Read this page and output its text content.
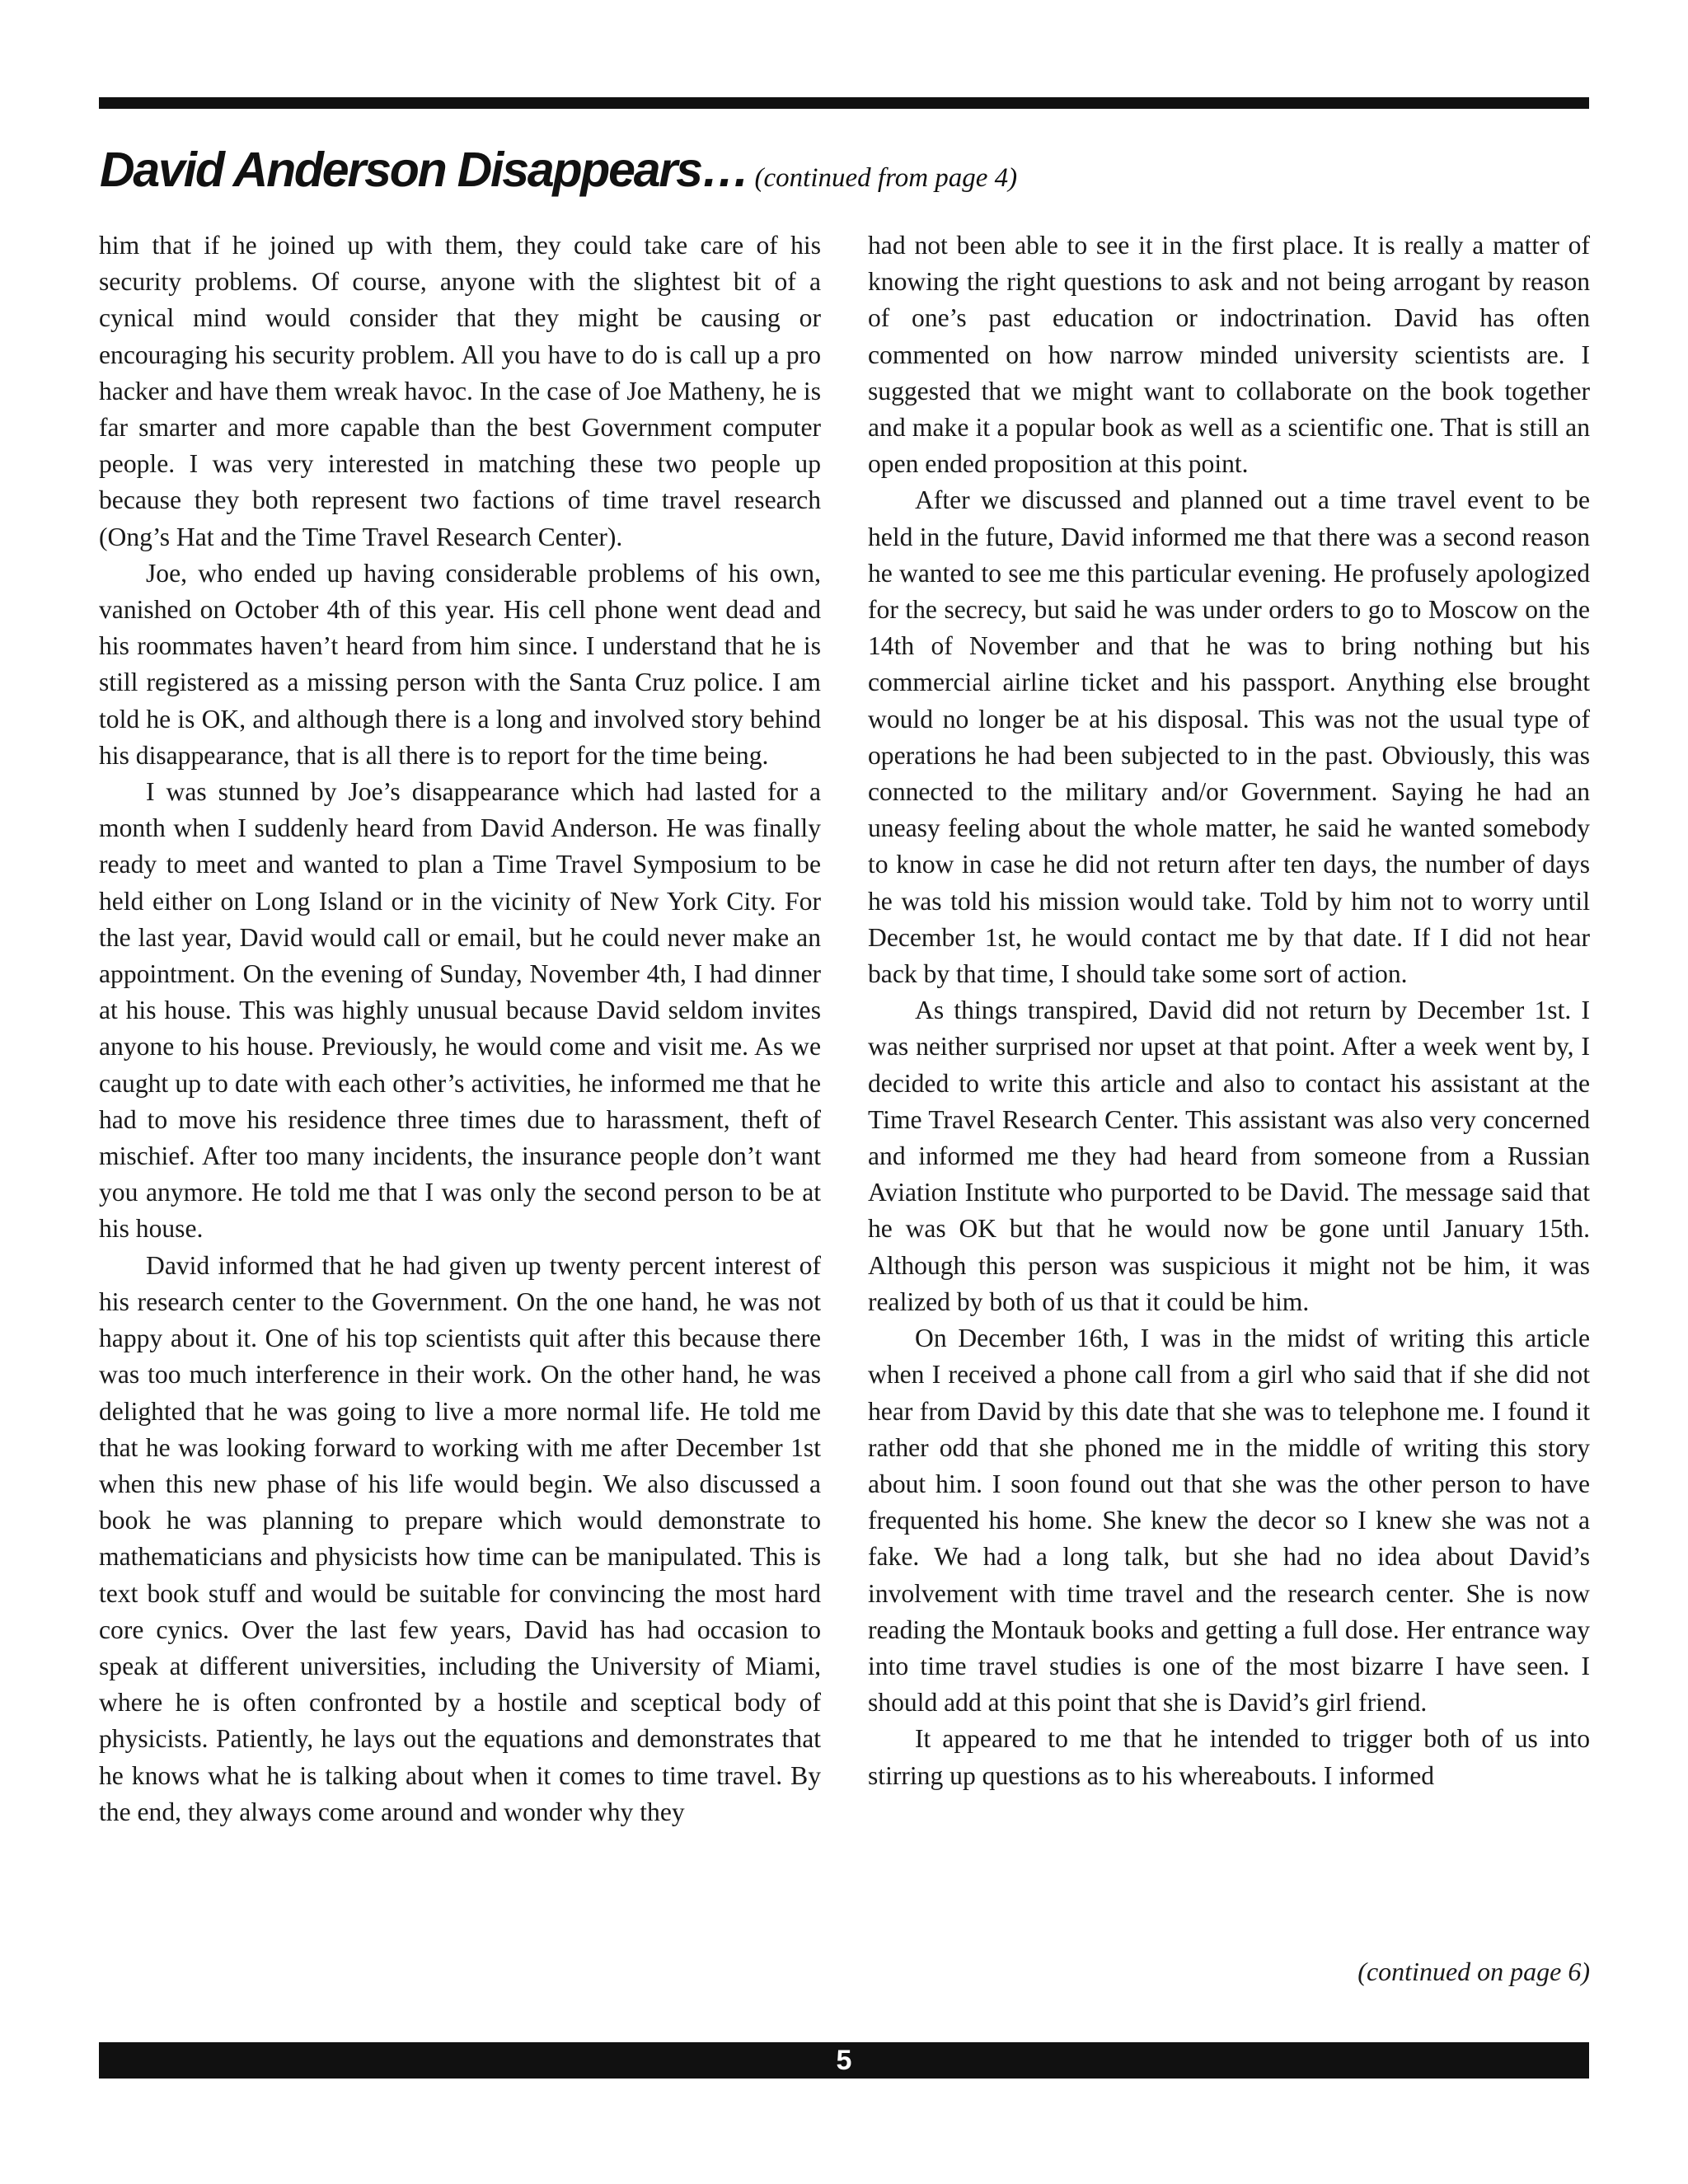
David Anderson Disappears… (continued from page 4)

him that if he joined up with them, they could take care of his security problems. Of course, anyone with the slightest bit of a cynical mind would consider that they might be causing or encouraging his security problem. All you have to do is call up a pro hacker and have them wreak havoc. In the case of Joe Matheny, he is far smarter and more capable than the best Government computer people. I was very interested in matching these two people up because they both represent two factions of time travel research (Ong’s Hat and the Time Travel Research Center).

Joe, who ended up having considerable problems of his own, vanished on October 4th of this year. His cell phone went dead and his roommates haven’t heard from him since. I understand that he is still registered as a missing person with the Santa Cruz police. I am told he is OK, and although there is a long and involved story behind his disappearance, that is all there is to report for the time being.

I was stunned by Joe’s disappearance which had lasted for a month when I suddenly heard from David Anderson. He was finally ready to meet and wanted to plan a Time Travel Symposium to be held either on Long Island or in the vicinity of New York City. For the last year, David would call or email, but he could never make an appointment. On the evening of Sunday, November 4th, I had dinner at his house. This was highly unusual because David seldom invites anyone to his house. Previously, he would come and visit me. As we caught up to date with each other’s activities, he informed me that he had to move his residence three times due to harassment, theft of mischief. After too many incidents, the insurance people don’t want you anymore. He told me that I was only the second person to be at his house.

David informed that he had given up twenty percent interest of his research center to the Government. On the one hand, he was not happy about it. One of his top scientists quit after this because there was too much interference in their work. On the other hand, he was delighted that he was going to live a more normal life. He told me that he was looking forward to working with me after December 1st when this new phase of his life would begin. We also discussed a book he was planning to prepare which would demonstrate to mathematicians and physicists how time can be manipulated. This is text book stuff and would be suitable for convincing the most hard core cynics. Over the last few years, David has had occasion to speak at different universities, including the University of Miami, where he is often confronted by a hostile and sceptical body of physicists. Patiently, he lays out the equations and demonstrates that he knows what he is talking about when it comes to time travel. By the end, they always come around and wonder why they

had not been able to see it in the first place. It is really a matter of knowing the right questions to ask and not being arrogant by reason of one’s past education or indoctrination. David has often commented on how narrow minded university scientists are. I suggested that we might want to collaborate on the book together and make it a popular book as well as a scientific one. That is still an open ended proposition at this point.

After we discussed and planned out a time travel event to be held in the future, David informed me that there was a second reason he wanted to see me this particular evening. He profusely apologized for the secrecy, but said he was under orders to go to Moscow on the 14th of November and that he was to bring nothing but his commercial airline ticket and his passport. Anything else brought would no longer be at his disposal. This was not the usual type of operations he had been subjected to in the past. Obviously, this was connected to the military and/or Government. Saying he had an uneasy feeling about the whole matter, he said he wanted somebody to know in case he did not return after ten days, the number of days he was told his mission would take. Told by him not to worry until December 1st, he would contact me by that date. If I did not hear back by that time, I should take some sort of action.

As things transpired, David did not return by December 1st. I was neither surprised nor upset at that point. After a week went by, I decided to write this article and also to contact his assistant at the Time Travel Research Center. This assistant was also very concerned and informed me they had heard from someone from a Russian Aviation Institute who purported to be David. The message said that he was OK but that he would now be gone until January 15th. Although this person was suspicious it might not be him, it was realized by both of us that it could be him.

On December 16th, I was in the midst of writing this article when I received a phone call from a girl who said that if she did not hear from David by this date that she was to telephone me. I found it rather odd that she phoned me in the middle of writing this story about him. I soon found out that she was the other person to have frequented his home. She knew the decor so I knew she was not a fake. We had a long talk, but she had no idea about David’s involvement with time travel and the research center. She is now reading the Montauk books and getting a full dose. Her entrance way into time travel studies is one of the most bizarre I have seen. I should add at this point that she is David’s girl friend.

It appeared to me that he intended to trigger both of us into stirring up questions as to his whereabouts. I informed

(continued on page 6)
5
